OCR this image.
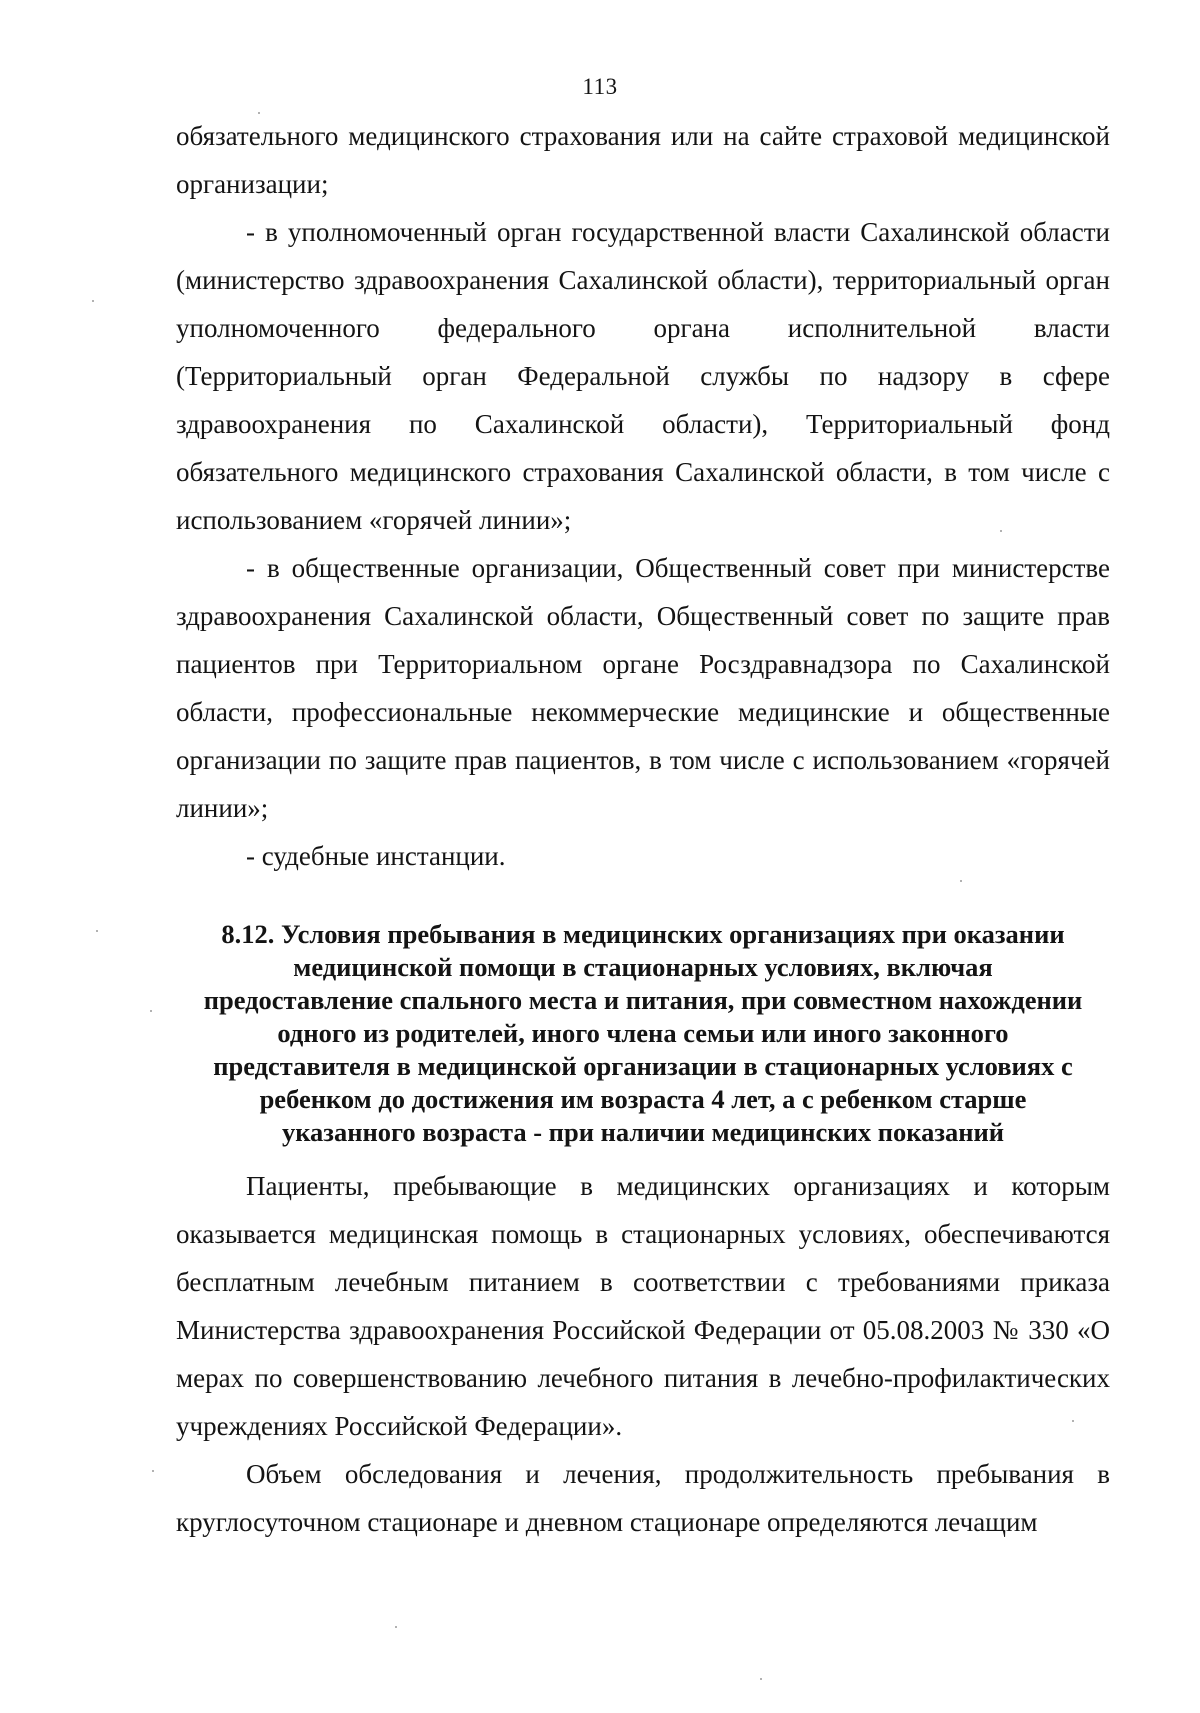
113

обязательного медицинского страхования или на сайте страховой медицинской организации;

- в уполномоченный орган государственной власти Сахалинской области (министерство здравоохранения Сахалинской области), территориальный орган уполномоченного федерального органа исполнительной власти (Территориальный орган Федеральной службы по надзору в сфере здравоохранения по Сахалинской области), Территориальный фонд обязательного медицинского страхования Сахалинской области, в том числе с использованием «горячей линии»;

- в общественные организации, Общественный совет при министерстве здравоохранения Сахалинской области, Общественный совет по защите прав пациентов при Территориальном органе Росздравнадзора по Сахалинской области, профессиональные некоммерческие медицинские и общественные организации по защите прав пациентов, в том числе с использованием «горячей линии»;

- судебные инстанции.

8.12. Условия пребывания в медицинских организациях при оказании
медицинской помощи в стационарных условиях, включая
предоставление спального места и питания, при совместном нахождении
одного из родителей, иного члена семьи или иного законного
представителя в медицинской организации в стационарных условиях с
ребенком до достижения им возраста 4 лет, а с ребенком старше
указанного возраста - при наличии медицинских показаний

Пациенты, пребывающие в медицинских организациях и которым оказывается медицинская помощь в стационарных условиях, обеспечиваются бесплатным лечебным питанием в соответствии с требованиями приказа Министерства здравоохранения Российской Федерации от 05.08.2003 № 330 «О мерах по совершенствованию лечебного питания в лечебно-профилактических учреждениях Российской Федерации».

Объем обследования и лечения, продолжительность пребывания в круглосуточном стационаре и дневном стационаре определяются лечащим
